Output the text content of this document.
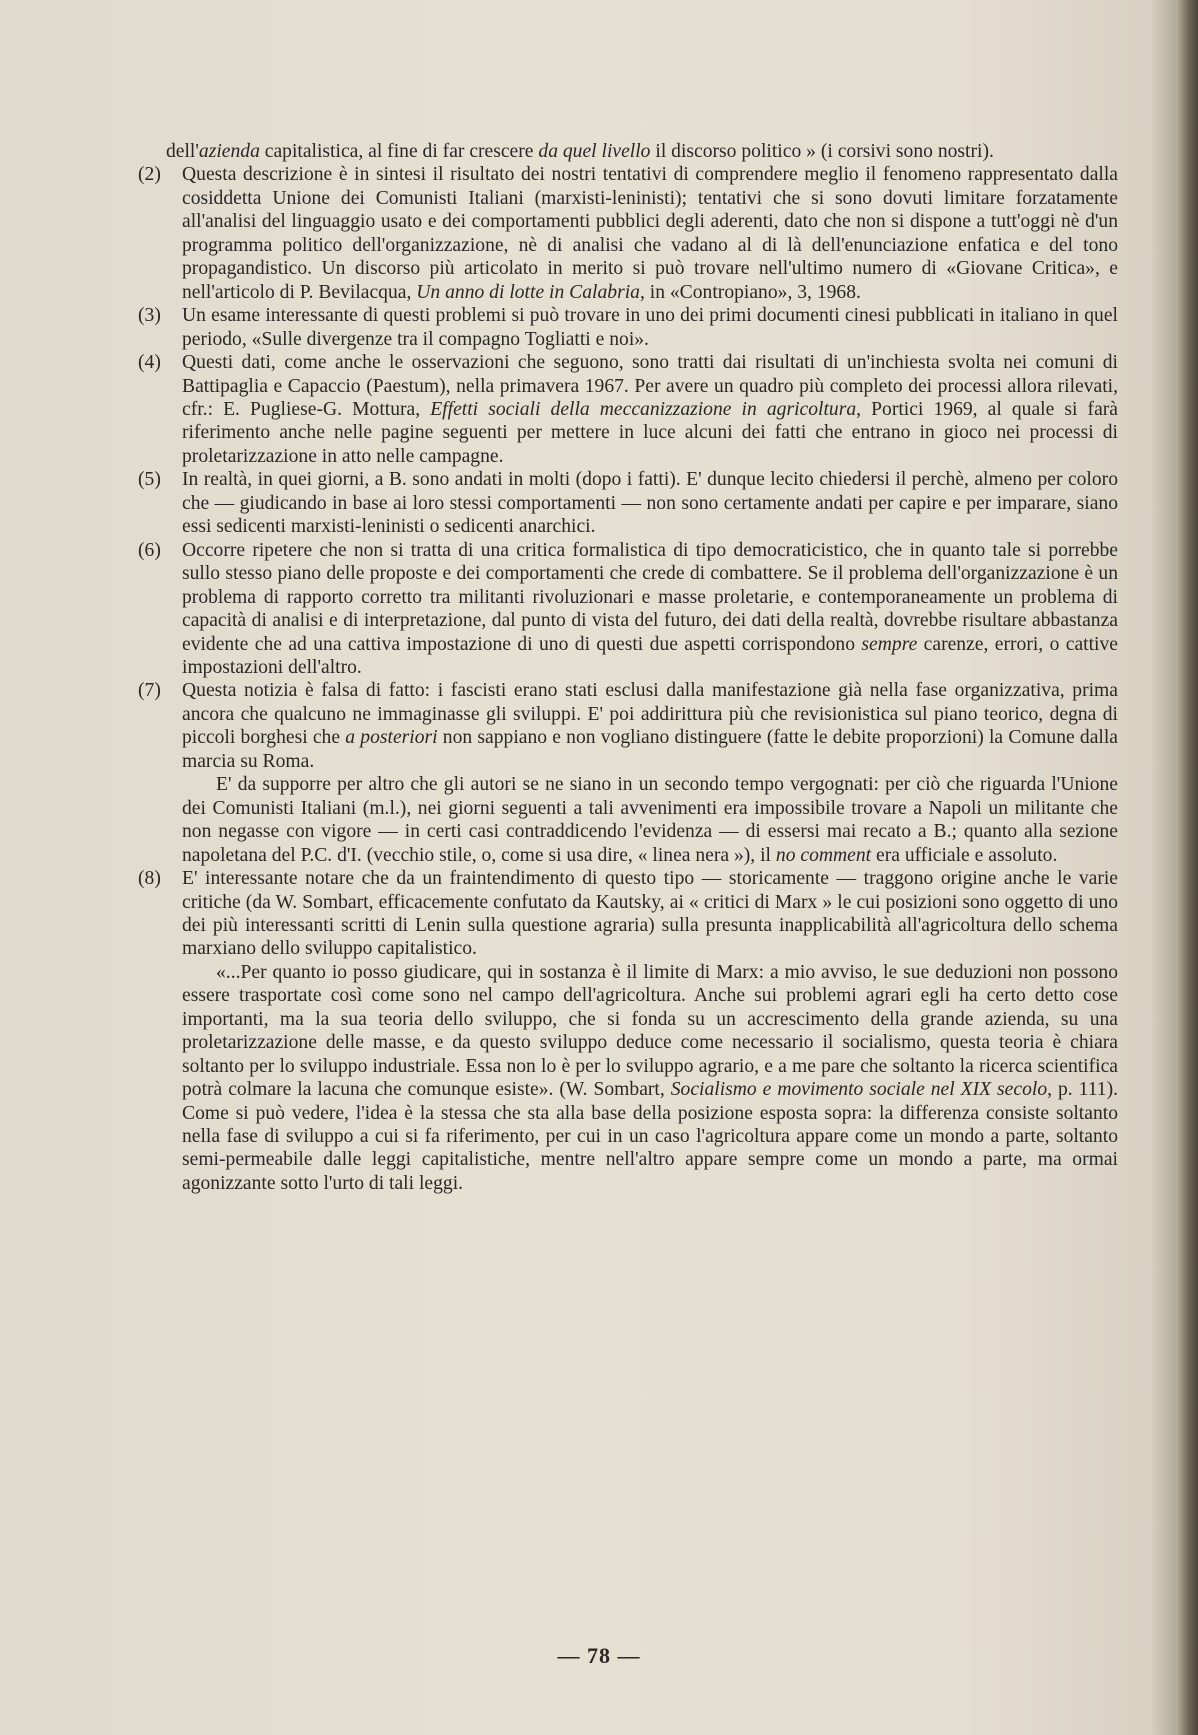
dell'azienda capitalistica, al fine di far crescere da quel livello il discorso politico » (i corsivi sono nostri).

(2) Questa descrizione è in sintesi il risultato dei nostri tentativi di comprendere meglio il fenomeno rappresentato dalla cosiddetta Unione dei Comunisti Italiani (marxisti-leninisti); tentativi che si sono dovuti limitare forzatamente all'analisi del linguaggio usato e dei comportamenti pubblici degli aderenti, dato che non si dispone a tutt'oggi nè d'un programma politico dell'organizzazione, nè di analisi che vadano al di là dell'enunciazione enfatica e del tono propagandistico. Un discorso più articolato in merito si può trovare nell'ultimo numero di «Giovane Critica», e nell'articolo di P. Bevilacqua, Un anno di lotte in Calabria, in «Contropiano», 3, 1968.

(3) Un esame interessante di questi problemi si può trovare in uno dei primi documenti cinesi pubblicati in italiano in quel periodo, «Sulle divergenze tra il compagno Togliatti e noi».

(4) Questi dati, come anche le osservazioni che seguono, sono tratti dai risultati di un'inchiesta svolta nei comuni di Battipaglia e Capaccio (Paestum), nella primavera 1967. Per avere un quadro più completo dei processi allora rilevati, cfr.: E. Pugliese-G. Mottura, Effetti sociali della meccanizzazione in agricoltura, Portici 1969, al quale si farà riferimento anche nelle pagine seguenti per mettere in luce alcuni dei fatti che entrano in gioco nei processi di proletarizzazione in atto nelle campagne.

(5) In realtà, in quei giorni, a B. sono andati in molti (dopo i fatti). E' dunque lecito chiedersi il perchè, almeno per coloro che — giudicando in base ai loro stessi comportamenti — non sono certamente andati per capire e per imparare, siano essi sedicenti marxisti-leninisti o sedicenti anarchici.

(6) Occorre ripetere che non si tratta di una critica formalistica di tipo democraticistico, che in quanto tale si porrebbe sullo stesso piano delle proposte e dei comportamenti che crede di combattere. Se il problema dell'organizzazione è un problema di rapporto corretto tra militanti rivoluzionari e masse proletarie, e contemporaneamente un problema di capacità di analisi e di interpretazione, dal punto di vista del futuro, dei dati della realtà, dovrebbe risultare abbastanza evidente che ad una cattiva impostazione di uno di questi due aspetti corrispondono sempre carenze, errori, o cattive impostazioni dell'altro.

(7) Questa notizia è falsa di fatto: i fascisti erano stati esclusi dalla manifestazione già nella fase organizzativa, prima ancora che qualcuno ne immaginasse gli sviluppi. E' poi addirittura più che revisionistica sul piano teorico, degna di piccoli borghesi che a posteriori non sappiano e non vogliano distinguere (fatte le debite proporzioni) la Comune dalla marcia su Roma.

E' da supporre per altro che gli autori se ne siano in un secondo tempo vergognati: per ciò che riguarda l'Unione dei Comunisti Italiani (m.l.), nei giorni seguenti a tali avvenimenti era impossibile trovare a Napoli un militante che non negasse con vigore — in certi casi contraddicendo l'evidenza — di essersi mai recato a B.; quanto alla sezione napoletana del P.C. d'I. (vecchio stile, o, come si usa dire, « linea nera »), il no comment era ufficiale e assoluto.

(8) E' interessante notare che da un fraintendimento di questo tipo — storicamente — traggono origine anche le varie critiche (da W. Sombart, efficacemente confutato da Kautsky, ai « critici di Marx » le cui posizioni sono oggetto di uno dei più interessanti scritti di Lenin sulla questione agraria) sulla presunta inapplicabilità all'agricoltura dello schema marxiano dello sviluppo capitalistico.

«...Per quanto io posso giudicare, qui in sostanza è il limite di Marx: a mio avviso, le sue deduzioni non possono essere trasportate così come sono nel campo dell'agricoltura. Anche sui problemi agrari egli ha certo detto cose importanti, ma la sua teoria dello sviluppo, che si fonda su un accrescimento della grande azienda, su una proletarizzazione delle masse, e da questo sviluppo deduce come necessario il socialismo, questa teoria è chiara soltanto per lo sviluppo industriale. Essa non lo è per lo sviluppo agrario, e a me pare che soltanto la ricerca scientifica potrà colmare la lacuna che comunque esiste». (W. Sombart, Socialismo e movimento sociale nel XIX secolo, p. 111). Come si può vedere, l'idea è la stessa che sta alla base della posizione esposta sopra: la differenza consiste soltanto nella fase di sviluppo a cui si fa riferimento, per cui in un caso l'agricoltura appare come un mondo a parte, soltanto semi-permeabile dalle leggi capitalistiche, mentre nell'altro appare sempre come un mondo a parte, ma ormai agonizzante sotto l'urto di tali leggi.

— 78 —
